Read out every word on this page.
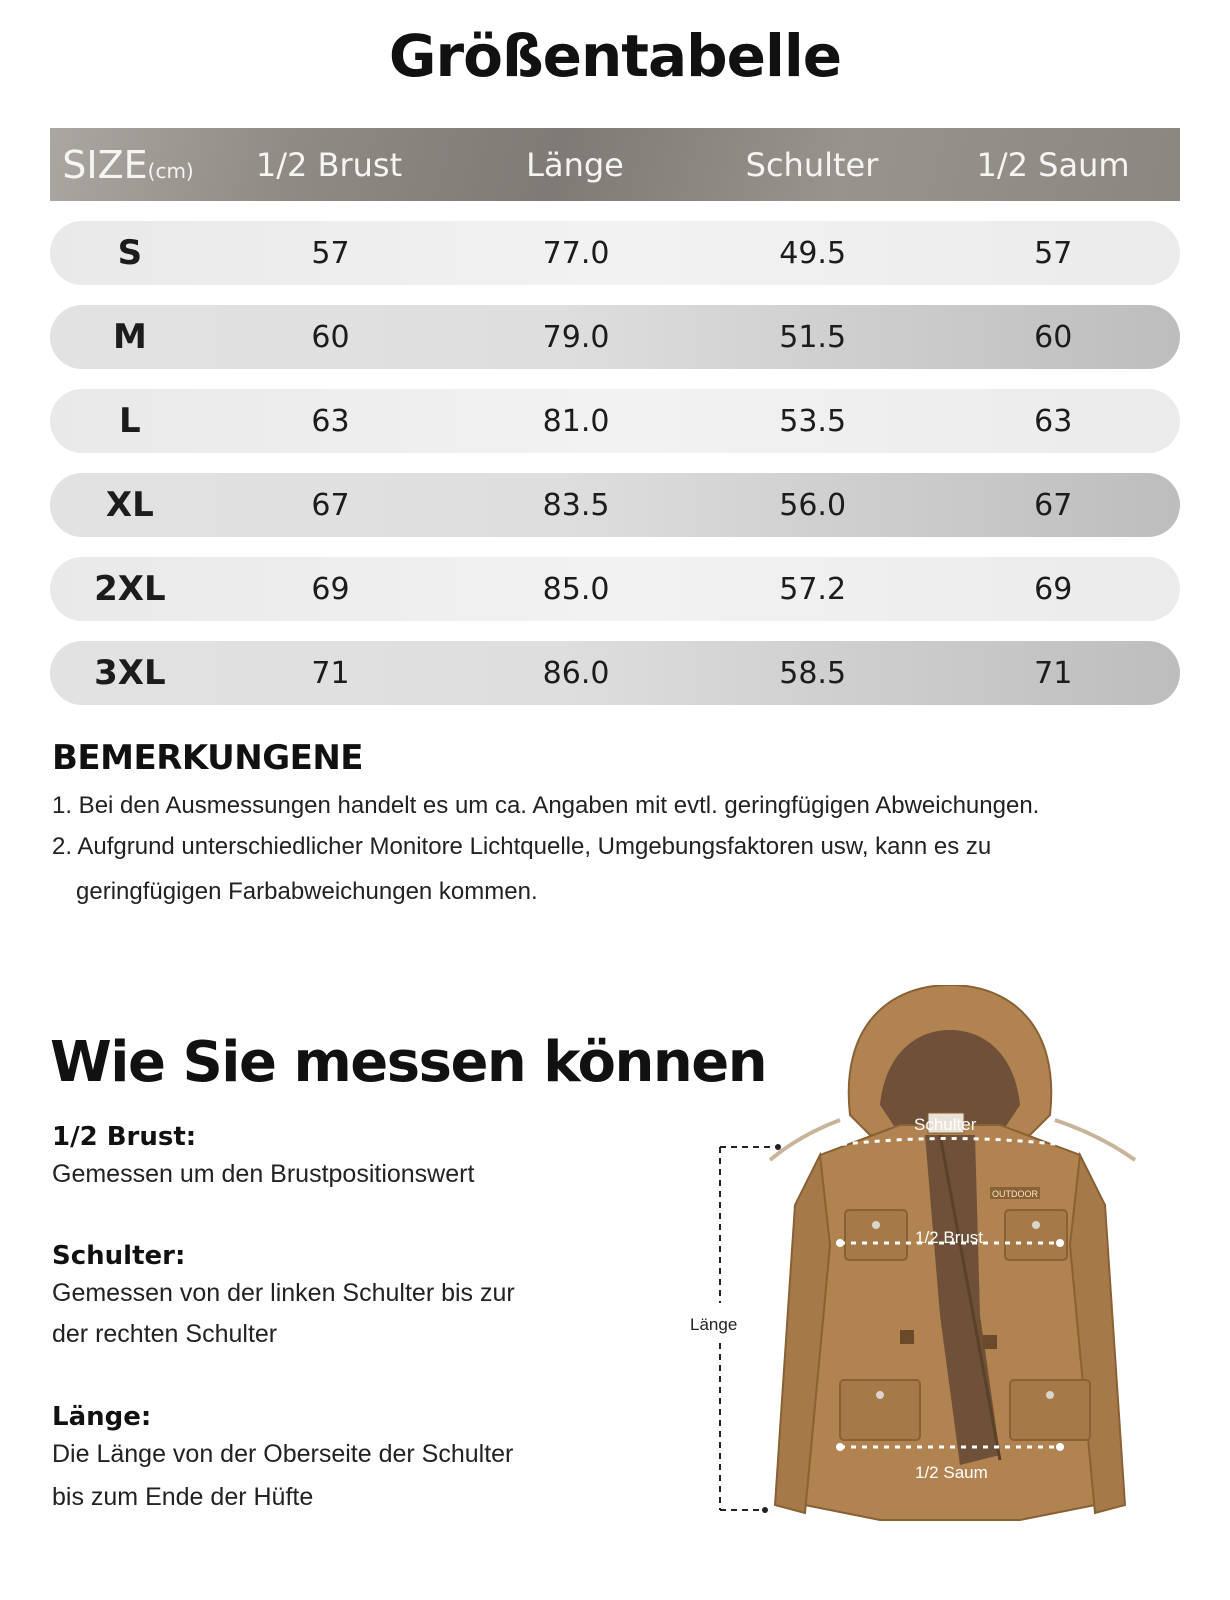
Größentabelle
SIZE(cm)	1/2 Brust	Länge	Schulter	1/2 Saum
S	57	77.0	49.5	57
M	60	79.0	51.5	60
L	63	81.0	53.5	63
XL	67	83.5	56.0	67
2XL	69	85.0	57.2	69
3XL	71	86.0	58.5	71
BEMERKUNGENE

1. Bei den Ausmessungen handelt es um ca. Angaben mit evtl. geringfügigen Abweichungen.

2. Aufgrund unterschiedlicher Monitore Lichtquelle, Umgebungsfaktoren usw, kann es zu

geringfügigen Farbabweichungen kommen.

Wie Sie messen können

1/2 Brust:

Gemessen um den Brustpositionswert

Schulter:

Gemessen von der linken Schulter bis zur

der rechten Schulter

Länge:

Die Länge von der Oberseite der Schulter

bis zum Ende der Hüfte

OUTDOOR
Schulter
1/2 Brust
Länge
1/2 Saum
